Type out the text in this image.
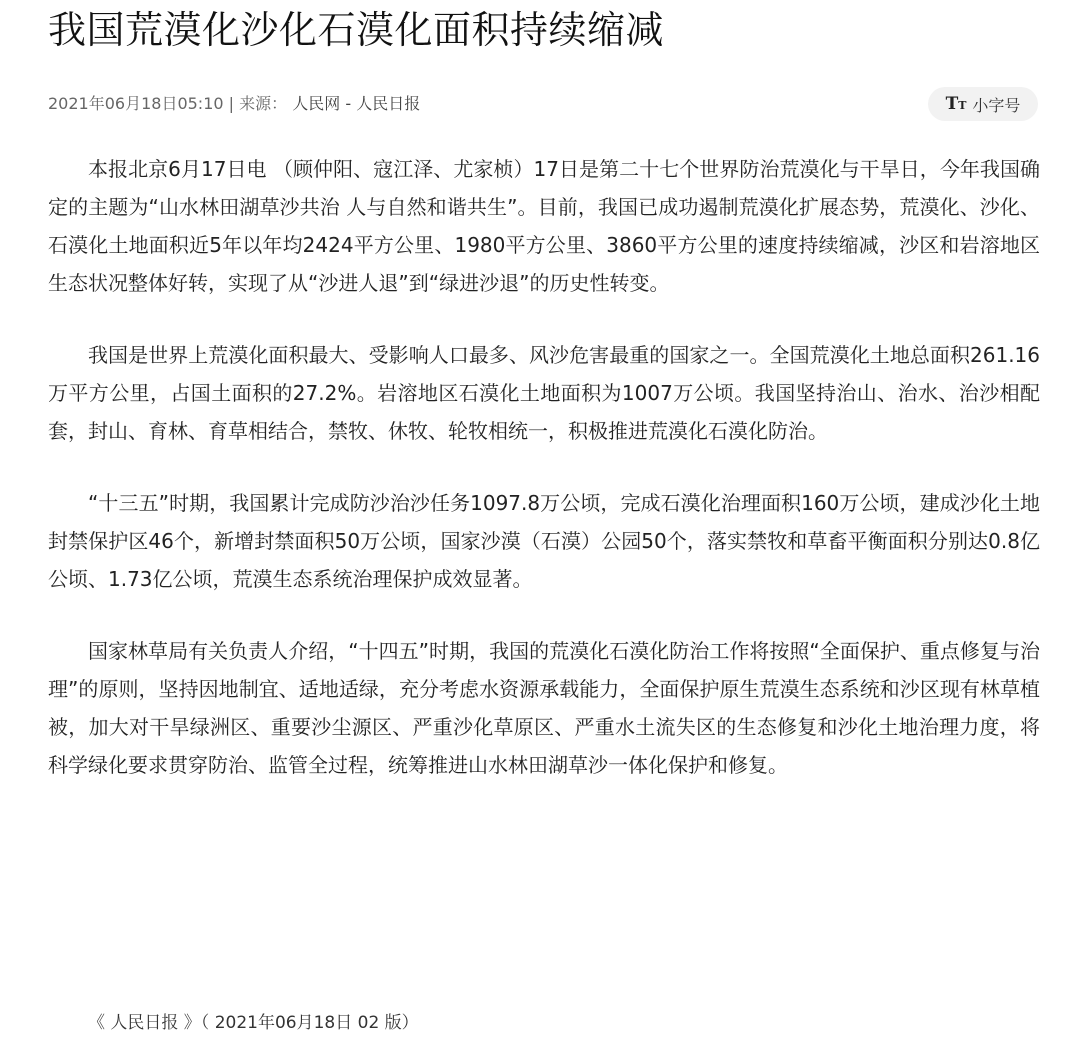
我国荒漠化沙化石漠化面积持续缩减
2021年06月18日05:10 | 来源： 人民网 - 人民日报	TT 小字号

本报北京6月17日电 （顾仲阳、寇江泽、尤家桢）17日是第二十七个世界防治荒漠化与干旱日，今年我国确定的主题为“山水林田湖草沙共治 人与自然和谐共生”。目前，我国已成功遏制荒漠化扩展态势，荒漠化、沙化、石漠化土地面积近5年以年均2424平方公里、1980平方公里、3860平方公里的速度持续缩减，沙区和岩溶地区生态状况整体好转，实现了从“沙进人退”到“绿进沙退”的历史性转变。

我国是世界上荒漠化面积最大、受影响人口最多、风沙危害最重的国家之一。全国荒漠化土地总面积261.16万平方公里，占国土面积的27.2%。岩溶地区石漠化土地面积为1007万公顷。我国坚持治山、治水、治沙相配套，封山、育林、育草相结合，禁牧、休牧、轮牧相统一，积极推进荒漠化石漠化防治。

“十三五”时期，我国累计完成防沙治沙任务1097.8万公顷，完成石漠化治理面积160万公顷，建成沙化土地封禁保护区46个，新增封禁面积50万公顷，国家沙漠（石漠）公园50个，落实禁牧和草畜平衡面积分别达0.8亿公顷、1.73亿公顷，荒漠生态系统治理保护成效显著。

国家林草局有关负责人介绍，“十四五”时期，我国的荒漠化石漠化防治工作将按照“全面保护、重点修复与治理”的原则，坚持因地制宜、适地适绿，充分考虑水资源承载能力，全面保护原生荒漠生态系统和沙区现有林草植被，加大对干旱绿洲区、重要沙尘源区、严重沙化草原区、严重水土流失区的生态修复和沙化土地治理力度，将科学绿化要求贯穿防治、监管全过程，统筹推进山水林田湖草沙一体化保护和修复。

《 人民日报 》（ 2021年06月18日 02 版）
